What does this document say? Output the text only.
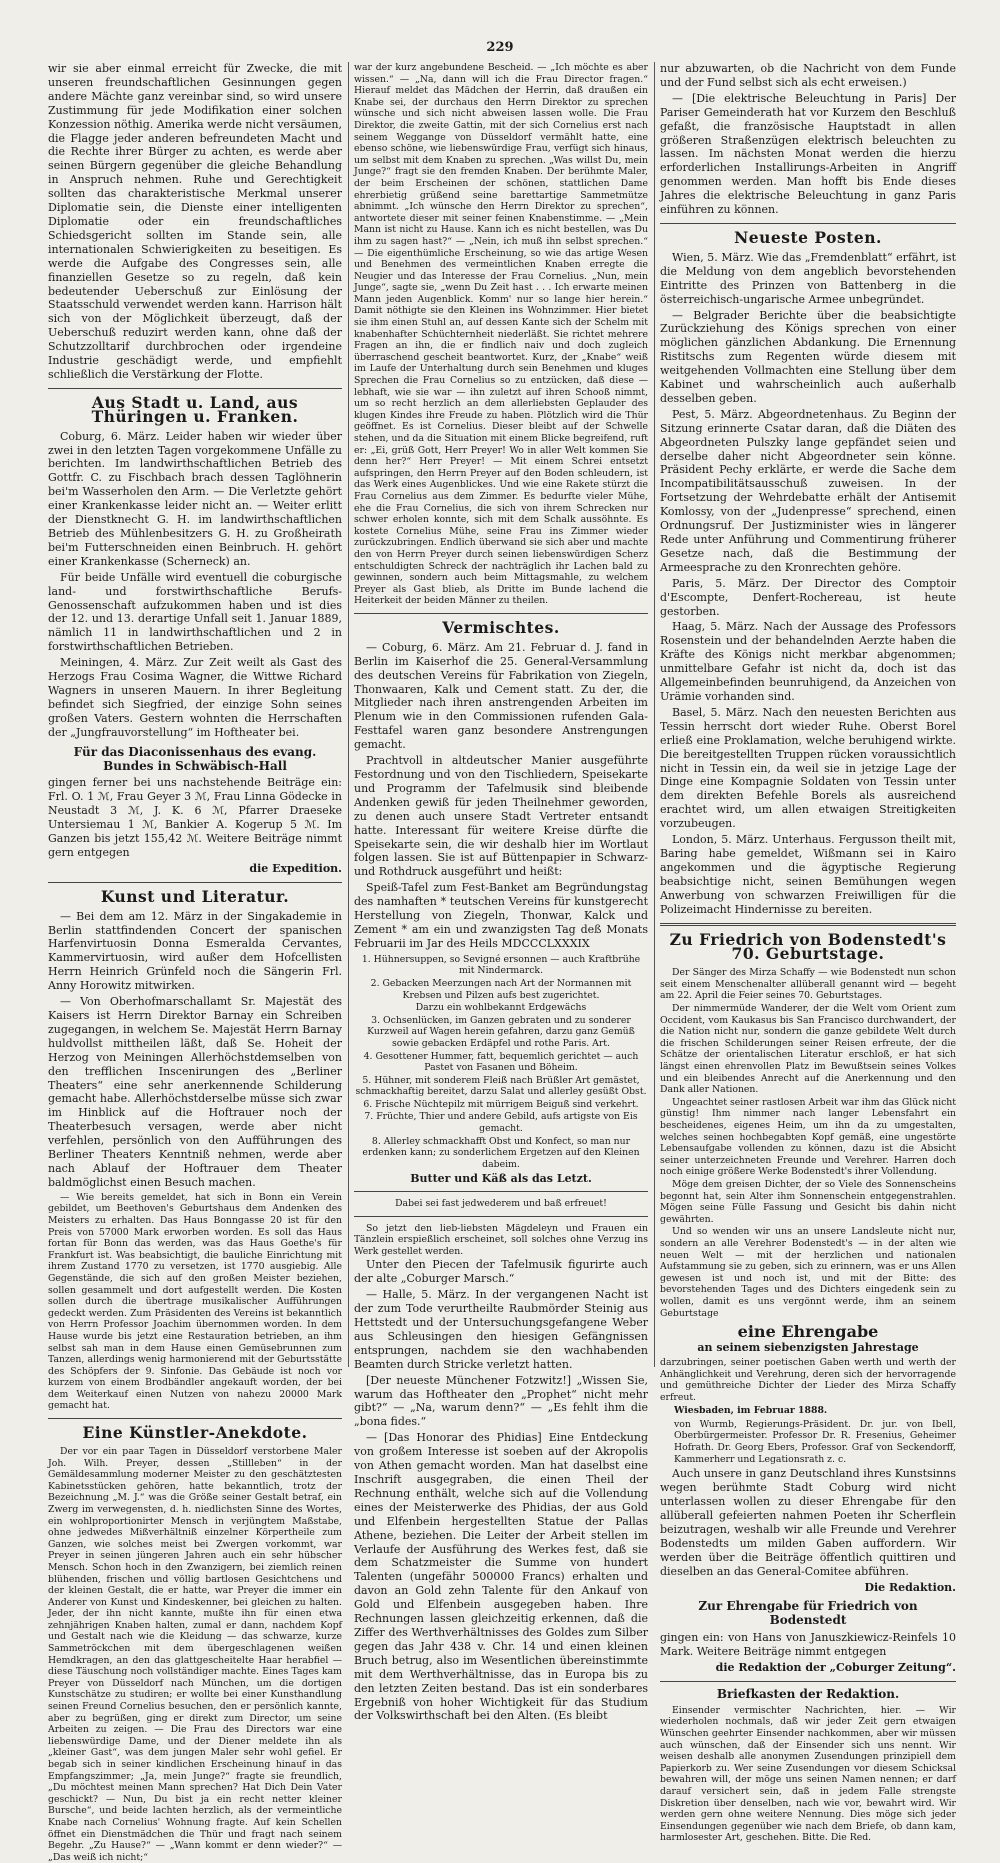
229

wir sie aber einmal erreicht für Zwecke, die mit unseren freundschaftlichen Gesinnungen gegen andere Mächte ganz vereinbar sind, so wird unsere Zustimmung für jede Modifikation einer solchen Konzession nöthig. Amerika werde nicht versäumen, die Flagge jeder anderen befreundeten Macht und die Rechte ihrer Bürger zu achten, es werde aber seinen Bürgern gegenüber die gleiche Behandlung in Anspruch nehmen. Ruhe und Gerechtigkeit sollten das charakteristische Merkmal unserer Diplomatie sein, die Dienste einer intelligenten Diplomatie oder ein freundschaftliches Schiedsgericht sollten im Stande sein, alle internationalen Schwierigkeiten zu beseitigen. Es werde die Aufgabe des Congresses sein, alle finanziellen Gesetze so zu regeln, daß kein bedeutender Ueberschuß zur Einlösung der Staatsschuld verwendet werden kann. Harrison hält sich von der Möglichkeit überzeugt, daß der Ueberschuß reduzirt werden kann, ohne daß der Schutzzolltarif durchbrochen oder irgendeine Industrie geschädigt werde, und empfiehlt schließlich die Verstärkung der Flotte.

Aus Stadt u. Land, aus Thüringen u. Franken.

Coburg, 6. März. Leider haben wir wieder über zwei in den letzten Tagen vorgekommene Unfälle zu berichten. Im landwirthschaftlichen Betrieb des Gottfr. C. zu Fischbach brach dessen Taglöhnerin bei'm Wasserholen den Arm. — Die Verletzte gehört einer Krankenkasse leider nicht an. — Weiter erlitt der Dienstknecht G. H. im landwirthschaftlichen Betrieb des Mühlenbesitzers G. H. zu Großheirath bei'm Futterschneiden einen Beinbruch. H. gehört einer Krankenkasse (Scherneck) an.

Für beide Unfälle wird eventuell die coburgische land- und forstwirthschaftliche Berufs-Genossenschaft aufzukommen haben und ist dies der 12. und 13. derartige Unfall seit 1. Januar 1889, nämlich 11 in landwirthschaftlichen und 2 in forstwirthschaftlichen Betrieben.

Meiningen, 4. März. Zur Zeit weilt als Gast des Herzogs Frau Cosima Wagner, die Wittwe Richard Wagners in unseren Mauern. In ihrer Begleitung befindet sich Siegfried, der einzige Sohn seines großen Vaters. Gestern wohnten die Herrschaften der „Jungfrauvorstellung“ im Hoftheater bei.

Für das Diaconissenhaus des evang. Bundes in Schwäbisch-Hall

gingen ferner bei uns nachstehende Beiträge ein: Frl. O. 1 ℳ, Frau Geyer 3 ℳ, Frau Linna Gödecke in Neustadt 3 ℳ, J. K. 6 ℳ, Pfarrer Draeseke Untersiemau 1 ℳ, Bankier A. Kogerup 5 ℳ. Im Ganzen bis jetzt 155,42 ℳ. Weitere Beiträge nimmt gern entgegen

die Expedition.
Kunst und Literatur.

— Bei dem am 12. März in der Singakademie in Berlin stattfindenden Concert der spanischen Harfenvirtuosin Donna Esmeralda Cervantes, Kammervirtuosin, wird außer dem Hofcellisten Herrn Heinrich Grünfeld noch die Sängerin Frl. Anny Horowitz mitwirken.

— Von Oberhofmarschallamt Sr. Majestät des Kaisers ist Herrn Direktor Barnay ein Schreiben zugegangen, in welchem Se. Majestät Herrn Barnay huldvollst mittheilen läßt, daß Se. Hoheit der Herzog von Meiningen Allerhöchstdemselben von den trefflichen Inscenirungen des „Berliner Theaters“ eine sehr anerkennende Schilderung gemacht habe. Allerhöchstderselbe müsse sich zwar im Hinblick auf die Hoftrauer noch der Theaterbesuch versagen, werde aber nicht verfehlen, persönlich von den Aufführungen des Berliner Theaters Kenntniß nehmen, werde aber nach Ablauf der Hoftrauer dem Theater baldmöglichst einen Besuch machen.

— Wie bereits gemeldet, hat sich in Bonn ein Verein gebildet, um Beethoven's Geburtshaus dem Andenken des Meisters zu erhalten. Das Haus Bonngasse 20 ist für den Preis von 57000 Mark erworben worden. Es soll das Haus fortan für Bonn das werden, was das Haus Goethe's für Frankfurt ist. Was beabsichtigt, die bauliche Einrichtung mit ihrem Zustand 1770 zu versetzen, ist 1770 ausgiebig. Alle Gegenstände, die sich auf den großen Meister beziehen, sollen gesammelt und dort aufgestellt werden. Die Kosten sollen durch die übertrage musikalischer Aufführungen gedeckt werden. Zum Präsidenten des Vereins ist bekanntlich von Herrn Professor Joachim übernommen worden. In dem Hause wurde bis jetzt eine Restauration betrieben, an ihm selbst sah man in dem Hause einen Gemüsebrunnen zum Tanzen, allerdings wenig harmonierend mit der Geburtsstätte des Schöpfers der 9. Sinfonie. Das Gebäude ist noch vor kurzem von einem Brodbändler angekauft worden, der bei dem Weiterkauf einen Nutzen von nahezu 20000 Mark gemacht hat.

Eine Künstler-Anekdote.

Der vor ein paar Tagen in Düsseldorf verstorbene Maler Joh. Wilh. Preyer, dessen „Stillleben“ in der Gemäldesammlung moderner Meister zu den geschätztesten Kabinetsstücken gehören, hatte bekanntlich, trotz der Bezeichnung „M. J.“ was die Größe seiner Gestalt betraf, ein Zwerg im verwegensten, d. h. niedlichsten Sinne des Wortes, ein wohlproportionirter Mensch in verjüngtem Maßstabe, ohne jedwedes Mißverhältniß einzelner Körpertheile zum Ganzen, wie solches meist bei Zwergen vorkommt, war Preyer in seinen jüngeren Jahren auch ein sehr hübscher Mensch. Schon hoch in den Zwanzigern, bei ziemlich reinen blühenden, frischen und völlig bartlosen Gesichtchens und der kleinen Gestalt, die er hatte, war Preyer die immer ein Anderer von Kunst und Kindeskenner, bei gleichen zu halten. Jeder, der ihn nicht kannte, mußte ihn für einen etwa zehnjährigen Knaben halten, zumal er dann, nachdem Kopf und Gestalt nach wie die Kleidung — das schwarze, kurze Sammetröckchen mit dem übergeschlagenen weißen Hemdkragen, an den das glattgescheitelte Haar herabfiel — diese Täuschung noch vollständiger machte. Eines Tages kam Preyer von Düsseldorf nach München, um die dortigen Kunstschätze zu studiren; er wollte bei einer Kunsthandlung seinen Freund Cornelius besuchen, den er persönlich kannte, aber zu begrüßen, ging er direkt zum Director, um seine Arbeiten zu zeigen. — Die Frau des Directors war eine liebenswürdige Dame, und der Diener meldete ihn als „kleiner Gast“, was dem jungen Maler sehr wohl gefiel. Er begab sich in seiner kindlichen Erscheinung hinauf in das Empfangszimmer; „Ja, mein Junge?“ fragte sie freundlich, „Du möchtest meinen Mann sprechen? Hat Dich Dein Vater geschickt? — Nun, Du bist ja ein recht netter kleiner Bursche“, und beide lachten herzlich, als der vermeintliche Knabe nach Cornelius' Wohnung fragte. Auf kein Schellen öffnet ein Dienstmädchen die Thür und fragt nach seinem Begehr. „Zu Hause?“ — „Wann kommt er denn wieder?“ — „Das weiß ich nicht;“

war der kurz angebundene Bescheid. — „Ich möchte es aber wissen.“ — „Na, dann will ich die Frau Director fragen.“ Hierauf meldet das Mädchen der Herrin, daß draußen ein Knabe sei, der durchaus den Herrn Direktor zu sprechen wünsche und sich nicht abweisen lassen wolle. Die Frau Direktor, die zweite Gattin, mit der sich Cornelius erst nach seinem Weggange von Düsseldorf vermählt hatte, eine ebenso schöne, wie liebenswürdige Frau, verfügt sich hinaus, um selbst mit dem Knaben zu sprechen. „Was willst Du, mein Junge?“ fragt sie den fremden Knaben. Der berühmte Maler, der beim Erscheinen der schönen, stattlichen Dame ehrerbietig grüßend seine barettartige Sammetmütze abnimmt. „Ich wünsche den Herrn Direktor zu sprechen“, antwortete dieser mit seiner feinen Knabenstimme. — „Mein Mann ist nicht zu Hause. Kann ich es nicht bestellen, was Du ihm zu sagen hast?“ — „Nein, ich muß ihn selbst sprechen.“ — Die eigenthümliche Erscheinung, so wie das artige Wesen und Benehmen des vermeintlichen Knaben erregte die Neugier und das Interesse der Frau Cornelius. „Nun, mein Junge“, sagte sie, „wenn Du Zeit hast . . . Ich erwarte meinen Mann jeden Augenblick. Komm' nur so lange hier herein.“ Damit nöthigte sie den Kleinen ins Wohnzimmer. Hier bietet sie ihm einen Stuhl an, auf dessen Kante sich der Schelm mit knabenhafter Schüchternheit niederläßt. Sie richtet mehrere Fragen an ihn, die er findlich naiv und doch zugleich überraschend gescheit beantwortet. Kurz, der „Knabe“ weiß im Laufe der Unterhaltung durch sein Benehmen und kluges Sprechen die Frau Cornelius so zu entzücken, daß diese — lebhaft, wie sie war — ihn zuletzt auf ihren Schooß nimmt, um so recht herzlich an dem allerliebsten Geplauder des klugen Kindes ihre Freude zu haben. Plötzlich wird die Thür geöffnet. Es ist Cornelius. Dieser bleibt auf der Schwelle stehen, und da die Situation mit einem Blicke begreifend, ruft er: „Ei, grüß Gott, Herr Preyer! Wo in aller Welt kommen Sie denn her?“ Herr Preyer! — Mit einem Schrei entsetzt aufspringen, den Herrn Preyer auf den Boden schleudern, ist das Werk eines Augenblickes. Und wie eine Rakete stürzt die Frau Cornelius aus dem Zimmer. Es bedurfte vieler Mühe, ehe die Frau Cornelius, die sich von ihrem Schrecken nur schwer erholen konnte, sich mit dem Schalk aussöhnte. Es kostete Cornelius Mühe, seine Frau ins Zimmer wieder zurückzubringen. Endlich überwand sie sich aber und machte den von Herrn Preyer durch seinen liebenswürdigen Scherz entschuldigten Schreck der nachträglich ihr Lachen bald zu gewinnen, sondern auch beim Mittagsmahle, zu welchem Preyer als Gast blieb, als Dritte im Bunde lachend die Heiterkeit der beiden Männer zu theilen.

Vermischtes.

— Coburg, 6. März. Am 21. Februar d. J. fand in Berlin im Kaiserhof die 25. General-Versammlung des deutschen Vereins für Fabrikation von Ziegeln, Thonwaaren, Kalk und Cement statt. Zu der, die Mitglieder nach ihren anstrengenden Arbeiten im Plenum wie in den Commissionen rufenden Gala-Festtafel waren ganz besondere Anstrengungen gemacht.

Prachtvoll in altdeutscher Manier ausgeführte Festordnung und von den Tischliedern, Speisekarte und Programm der Tafelmusik sind bleibende Andenken gewiß für jeden Theilnehmer geworden, zu denen auch unsere Stadt Vertreter entsandt hatte. Interessant für weitere Kreise dürfte die Speisekarte sein, die wir deshalb hier im Wortlaut folgen lassen. Sie ist auf Büttenpapier in Schwarz- und Rothdruck ausgeführt und heißt:

Speiß-Tafel zum Fest-Banket am Begründungstag des namhaften * teutschen Vereins für kunstgerecht Herstellung von Ziegeln, Thonwar, Kalck und Zement * am ein und zwanzigsten Tag deß Monats Februarii im Jar des Heils MDCCCLXXXIX

1. Hühnersuppen, so Sevigné ersonnen — auch Kraftbrühe mit Nindermarck.
2. Gebacken Meerzungen nach Art der Normannen mit Krebsen und Pilzen aufs best zugerichtet.
Darzu ein wohlbekannt Erdgewächs
3. Ochsenlücken, im Ganzen gebraten und zu sonderer Kurzweil auf Wagen herein gefahren, darzu ganz Gemüß sowie gebacken Erdäpfel und rothe Paris. Art.
4. Gesottener Hummer, fatt, bequemlich gerichtet — auch Pastet von Fasanen und Böheim.
5. Hühner, mit sonderem Fleiß nach Brüßler Art gemästet, schmackhaftig bereitet, darzu Salat und allerley gesüßt Obst.
6. Frische Nüchtepilz mit mürrigem Beiguß sind verkehrt.
7. Früchte, Thier und andere Gebild, aufs artigste von Eis gemacht.
8. Allerley schmackhafft Obst und Konfect, so man nur erdenken kann; zu sonderlichem Ergetzen auf den Kleinen dabeim.
Butter und Käß als das Letzt.
Dabei sei fast jedwederem und baß erfreuet!

So jetzt den lieb-liebsten Mägdeleyn und Frauen ein Tänzlein erspießlich erscheinet, soll solches ohne Verzug ins Werk gestellet werden.

Unter den Piecen der Tafelmusik figurirte auch der alte „Coburger Marsch.“

— Halle, 5. März. In der vergangenen Nacht ist der zum Tode verurtheilte Raubmörder Steinig aus Hettstedt und der Untersuchungsgefangene Weber aus Schleusingen den hiesigen Gefängnissen entsprungen, nachdem sie den wachhabenden Beamten durch Stricke verletzt hatten.

[Der neueste Münchener Fotzwitz!] „Wissen Sie, warum das Hoftheater den „Prophet“ nicht mehr gibt?“ — „Na, warum denn?“ — „Es fehlt ihm die „bona fides.“

— [Das Honorar des Phidias] Eine Entdeckung von großem Interesse ist soeben auf der Akropolis von Athen gemacht worden. Man hat daselbst eine Inschrift ausgegraben, die einen Theil der Rechnung enthält, welche sich auf die Vollendung eines der Meisterwerke des Phidias, der aus Gold und Elfenbein hergestellten Statue der Pallas Athene, beziehen. Die Leiter der Arbeit stellen im Verlaufe der Ausführung des Werkes fest, daß sie dem Schatzmeister die Summe von hundert Talenten (ungefähr 500000 Francs) erhalten und davon an Gold zehn Talente für den Ankauf von Gold und Elfenbein ausgegeben haben. Ihre Rechnungen lassen gleichzeitig erkennen, daß die Ziffer des Werthverhältnisses des Goldes zum Silber gegen das Jahr 438 v. Chr. 14 und einen kleinen Bruch betrug, also im Wesentlichen übereinstimmte mit dem Werthverhältnisse, das in Europa bis zu den letzten Zeiten bestand. Das ist ein sonderbares Ergebniß von hoher Wichtigkeit für das Studium der Volkswirthschaft bei den Alten. (Es bleibt

nur abzuwarten, ob die Nachricht von dem Funde und der Fund selbst sich als echt erweisen.)

— [Die elektrische Beleuchtung in Paris] Der Pariser Gemeinderath hat vor Kurzem den Beschluß gefaßt, die französische Hauptstadt in allen größeren Straßenzügen elektrisch beleuchten zu lassen. Im nächsten Monat werden die hierzu erforderlichen Installirungs-Arbeiten in Angriff genommen werden. Man hofft bis Ende dieses Jahres die elektrische Beleuchtung in ganz Paris einführen zu können.

Neueste Posten.

Wien, 5. März. Wie das „Fremdenblatt“ erfährt, ist die Meldung von dem angeblich bevorstehenden Eintritte des Prinzen von Battenberg in die österreichisch-ungarische Armee unbegründet.

— Belgrader Berichte über die beabsichtigte Zurückziehung des Königs sprechen von einer möglichen gänzlichen Abdankung. Die Ernennung Ristitschs zum Regenten würde diesem mit weitgehenden Vollmachten eine Stellung über dem Kabinet und wahrscheinlich auch außerhalb desselben geben.

Pest, 5. März. Abgeordnetenhaus. Zu Beginn der Sitzung erinnerte Csatar daran, daß die Diäten des Abgeordneten Pulszky lange gepfändet seien und derselbe daher nicht Abgeordneter sein könne. Präsident Pechy erklärte, er werde die Sache dem Incompatibilitätsausschuß zuweisen. In der Fortsetzung der Wehrdebatte erhält der Antisemit Komlossy, von der „Judenpresse“ sprechend, einen Ordnungsruf. Der Justizminister wies in längerer Rede unter Anführung und Commentirung früherer Gesetze nach, daß die Bestimmung der Armeesprache zu den Kronrechten gehöre.

Paris, 5. März. Der Director des Comptoir d'Escompte, Denfert-Rochereau, ist heute gestorben.

Haag, 5. März. Nach der Aussage des Professors Rosenstein und der behandelnden Aerzte haben die Kräfte des Königs nicht merkbar abgenommen; unmittelbare Gefahr ist nicht da, doch ist das Allgemeinbefinden beunruhigend, da Anzeichen von Urämie vorhanden sind.

Basel, 5. März. Nach den neuesten Berichten aus Tessin herrscht dort wieder Ruhe. Oberst Borel erließ eine Proklamation, welche beruhigend wirkte. Die bereitgestellten Truppen rücken voraussichtlich nicht in Tessin ein, da weil sie in jetzige Lage der Dinge eine Kompagnie Soldaten von Tessin unter dem direkten Befehle Borels als ausreichend erachtet wird, um allen etwaigen Streitigkeiten vorzubeugen.

London, 5. März. Unterhaus. Fergusson theilt mit, Baring habe gemeldet, Wißmann sei in Kairo angekommen und die ägyptische Regierung beabsichtige nicht, seinen Bemühungen wegen Anwerbung von schwarzen Freiwilligen für die Polizeimacht Hindernisse zu bereiten.

Zu Friedrich von Bodenstedt's 70. Geburtstage.

Der Sänger des Mirza Schaffy — wie Bodenstedt nun schon seit einem Menschenalter allüberall genannt wird — begeht am 22. April die Feier seines 70. Geburtstages.

Der nimmermüde Wanderer, der die Welt vom Orient zum Occident, vom Kaukasus bis San Francisco durchwandert, der die Nation nicht nur, sondern die ganze gebildete Welt durch die frischen Schilderungen seiner Reisen erfreute, der die Schätze der orientalischen Literatur erschloß, er hat sich längst einen ehrenvollen Platz im Bewußtsein seines Volkes und ein bleibendes Anrecht auf die Anerkennung und den Dank aller Nationen.

Ungeachtet seiner rastlosen Arbeit war ihm das Glück nicht günstig! Ihm nimmer nach langer Lebensfahrt ein bescheidenes, eigenes Heim, um ihn da zu umgestalten, welches seinen hochbegabten Kopf gemäß, eine ungestörte Lebensaufgabe vollenden zu können, dazu ist die Absicht seiner unterzeichneten Freunde und Verehrer. Harren doch noch einige größere Werke Bodenstedt's ihrer Vollendung.

Möge dem greisen Dichter, der so Viele des Sonnenscheins begonnt hat, sein Alter ihm Sonnenschein entgegenstrahlen. Mögen seine Fülle Fassung und Gesicht bis dahin nicht gewährten.

Und so wenden wir uns an unsere Landsleute nicht nur, sondern an alle Verehrer Bodenstedt's — in der alten wie neuen Welt — mit der herzlichen und nationalen Aufstammung sie zu geben, sich zu erinnern, was er uns Allen gewesen ist und noch ist, und mit der Bitte: des bevorstehenden Tages und des Dichters eingedenk sein zu wollen, damit es uns vergönnt werde, ihm an seinem Geburtstage

eine Ehrengabe
an seinem siebenzigsten Jahrestage

darzubringen, seiner poetischen Gaben werth und werth der Anhänglichkeit und Verehrung, deren sich der hervorragende und gemüthreiche Dichter der Lieder des Mirza Schaffy erfreut.

Wiesbaden, im Februar 1888.
von Wurmb, Regierungs-Präsident. Dr. jur. von Ibell, Oberbürgermeister. Professor Dr. R. Fresenius, Geheimer Hofrath. Dr. Georg Ebers, Professor. Graf von Seckendorff, Kammerherr und Legationsrath z. c.

Auch unsere in ganz Deutschland ihres Kunstsinns wegen berühmte Stadt Coburg wird nicht unterlassen wollen zu dieser Ehrengabe für den allüberall gefeierten nahmen Poeten ihr Scherflein beizutragen, weshalb wir alle Freunde und Verehrer Bodenstedts um milden Gaben auffordern. Wir werden über die Beiträge öffentlich quittiren und dieselben an das General-Comitee abführen.

Die Redaktion.
Zur Ehrengabe für Friedrich von Bodenstedt

gingen ein: von Hans von Januszkiewicz-Reinfels 10 Mark. Weitere Beiträge nimmt entgegen

die Redaktion der „Coburger Zeitung“.
Briefkasten der Redaktion.

Einsender vermischter Nachrichten, hier. — Wir wiederholen nochmals, daß wir jeder Zeit gern etwaigen Wünschen geehrter Einsender nachkommen, aber wir müssen auch wünschen, daß der Einsender sich uns nennt. Wir weisen deshalb alle anonymen Zusendungen prinzipiell dem Papierkorb zu. Wer seine Zusendungen vor diesem Schicksal bewahren will, der möge uns seinen Namen nennen; er darf darauf versichert sein, daß in jedem Falle strengste Diskretion über denselben, nach wie vor, bewahrt wird. Wir werden gern ohne weitere Nennung. Dies möge sich jeder Einsendungen gegenüber wie nach dem Briefe, ob dann kam, harmlosester Art, geschehen. Bitte. Die Red.
